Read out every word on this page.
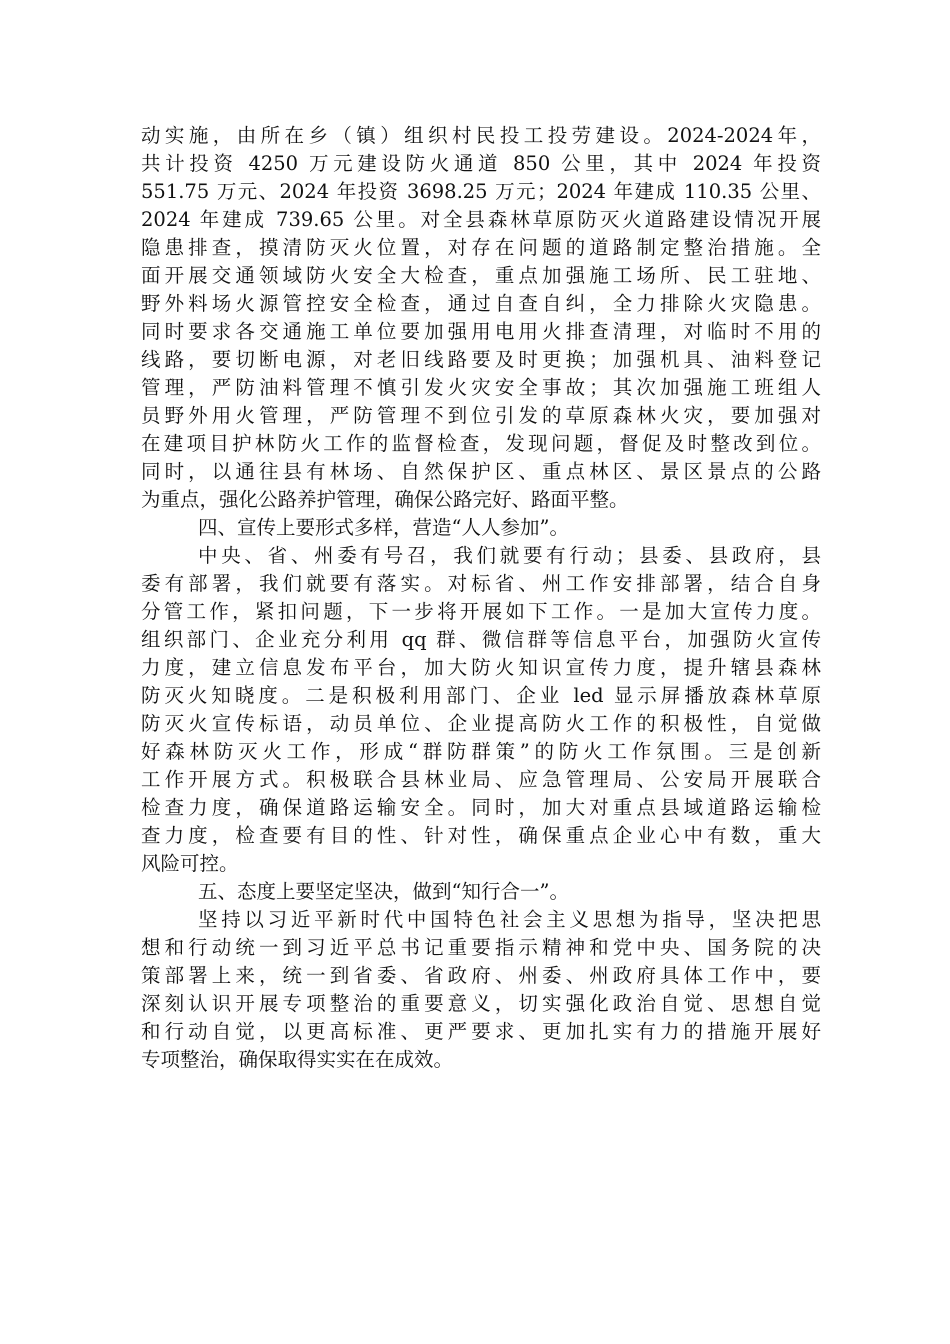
动实施，由所在乡（镇）组织村民投工投劳建设。2024-2024年，
共计投资 4250 万元建设防火通道 850 公里，其中 2024 年投资
551.75 万元、2024 年投资 3698.25 万元；2024 年建成 110.35 公里、
2024 年建成 739.65 公里。对全县森林草原防灭火道路建设情况开展
隐患排查，摸清防灭火位置，对存在问题的道路制定整治措施。全
面开展交通领域防火安全大检查，重点加强施工场所、民工驻地、
野外料场火源管控安全检查，通过自查自纠，全力排除火灾隐患。
同时要求各交通施工单位要加强用电用火排查清理，对临时不用的
线路，要切断电源，对老旧线路要及时更换；加强机具、油料登记
管理，严防油料管理不慎引发火灾安全事故；其次加强施工班组人
员野外用火管理，严防管理不到位引发的草原森林火灾，要加强对
在建项目护林防火工作的监督检查，发现问题，督促及时整改到位。
同时，以通往县有林场、自然保护区、重点林区、景区景点的公路
为重点，强化公路养护管理，确保公路完好、路面平整。
四、宣传上要形式多样，营造“人人参加”。
中央、省、州委有号召，我们就要有行动；县委、县政府，县
委有部署，我们就要有落实。对标省、州工作安排部署，结合自身
分管工作，紧扣问题，下一步将开展如下工作。一是加大宣传力度。
组织部门、企业充分利用 qq 群、微信群等信息平台，加强防火宣传
力度，建立信息发布平台，加大防火知识宣传力度，提升辖县森林
防灭火知晓度。二是积极利用部门、企业 led 显示屏播放森林草原
防灭火宣传标语，动员单位、企业提高防火工作的积极性，自觉做
好森林防灭火工作，形成“群防群策”的防火工作氛围。三是创新
工作开展方式。积极联合县林业局、应急管理局、公安局开展联合
检查力度，确保道路运输安全。同时，加大对重点县域道路运输检
查力度，检查要有目的性、针对性，确保重点企业心中有数，重大
风险可控。
五、态度上要坚定坚决，做到“知行合一”。
坚持以习近平新时代中国特色社会主义思想为指导，坚决把思
想和行动统一到习近平总书记重要指示精神和党中央、国务院的决
策部署上来，统一到省委、省政府、州委、州政府具体工作中，要
深刻认识开展专项整治的重要意义，切实强化政治自觉、思想自觉
和行动自觉，以更高标准、更严要求、更加扎实有力的措施开展好
专项整治，确保取得实实在在成效。
